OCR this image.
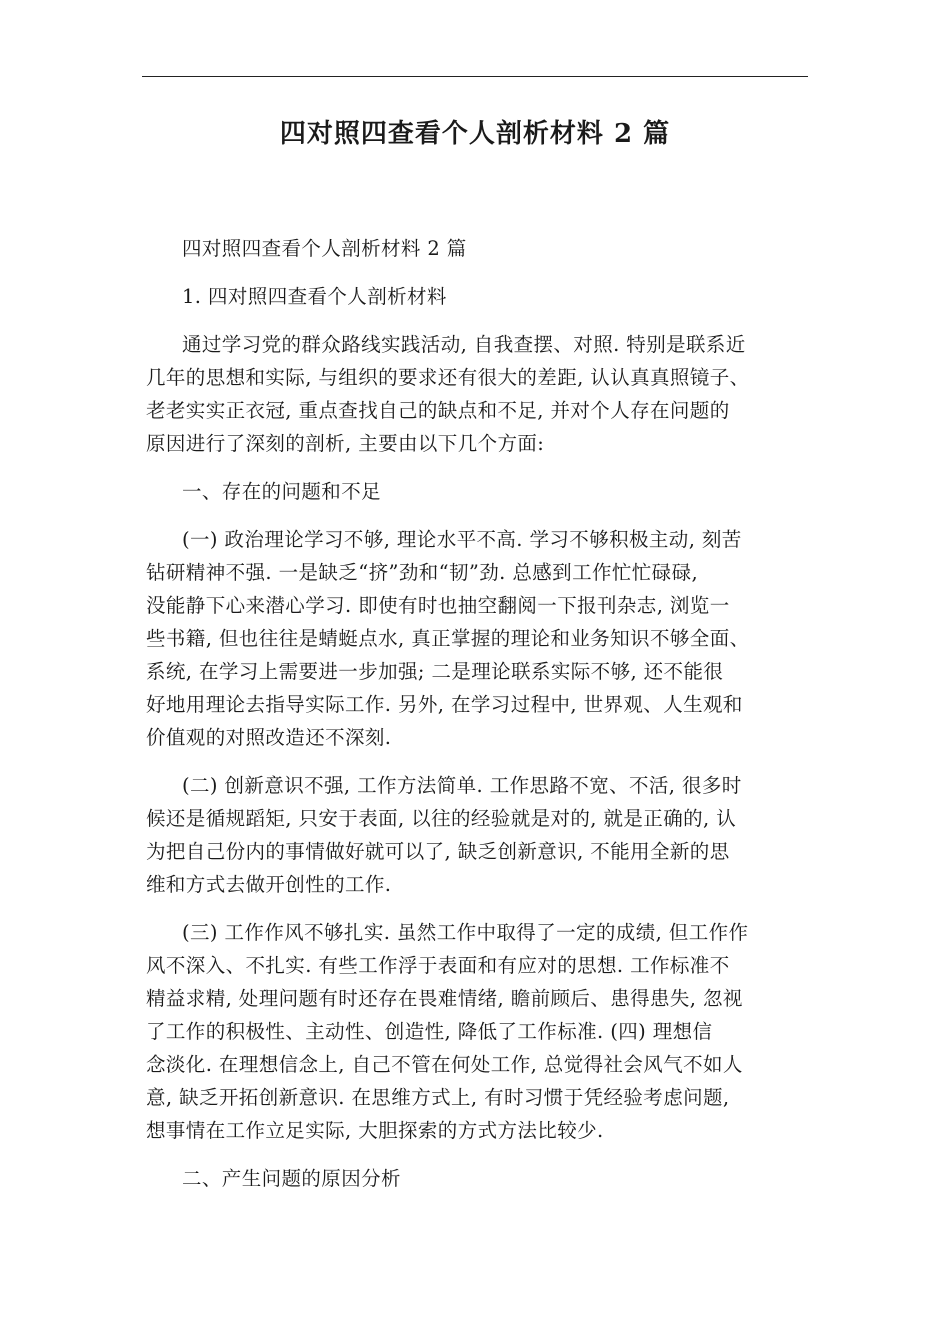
四对照四查看个人剖析材料 2 篇
四对照四查看个人剖析材料 2 篇
1. 四对照四查看个人剖析材料
通过学习党的群众路线实践活动, 自我查摆、对照. 特别是联系近
几年的思想和实际, 与组织的要求还有很大的差距, 认认真真照镜子、
老老实实正衣冠, 重点查找自己的缺点和不足, 并对个人存在问题的
原因进行了深刻的剖析, 主要由以下几个方面:
一、存在的问题和不足
(一) 政治理论学习不够, 理论水平不高. 学习不够积极主动, 刻苦
钻研精神不强. 一是缺乏“挤”劲和“韧”劲. 总感到工作忙忙碌碌,
没能静下心来潜心学习. 即使有时也抽空翻阅一下报刊杂志, 浏览一
些书籍, 但也往往是蜻蜓点水, 真正掌握的理论和业务知识不够全面、
系统, 在学习上需要进一步加强; 二是理论联系实际不够, 还不能很
好地用理论去指导实际工作. 另外, 在学习过程中, 世界观、人生观和
价值观的对照改造还不深刻.
(二) 创新意识不强, 工作方法简单. 工作思路不宽、不活, 很多时
候还是循规蹈矩, 只安于表面, 以往的经验就是对的, 就是正确的, 认
为把自己份内的事情做好就可以了, 缺乏创新意识, 不能用全新的思
维和方式去做开创性的工作.
(三) 工作作风不够扎实. 虽然工作中取得了一定的成绩, 但工作作
风不深入、不扎实. 有些工作浮于表面和有应对的思想. 工作标准不
精益求精, 处理问题有时还存在畏难情绪, 瞻前顾后、患得患失, 忽视
了工作的积极性、主动性、创造性, 降低了工作标准. (四) 理想信
念淡化. 在理想信念上, 自己不管在何处工作, 总觉得社会风气不如人
意, 缺乏开拓创新意识. 在思维方式上, 有时习惯于凭经验考虑问题,
想事情在工作立足实际, 大胆探索的方式方法比较少.
二、产生问题的原因分析
